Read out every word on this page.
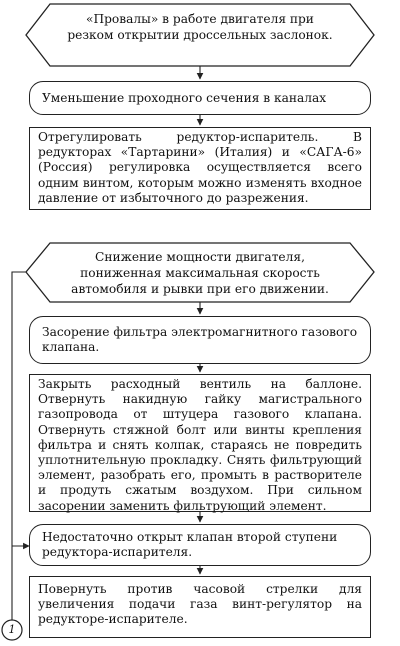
«Провалы» в работе двигателя при резком открытии дроссельных заслонок.
Уменьшение проходного сечения в каналах
Отрегулировать редуктор-испаритель. В редукторах «Тартарини» (Италия) и «САГА-6» (Россия) регулировка осуществляется всего одним винтом, которым можно изменять входное давление от избыточного до разрежения.
Снижение мощности двигателя, пониженная максимальная скорость автомобиля и рывки при его движении.
Засорение фильтра электромагнитного газового клапана.
Закрыть расходный вентиль на баллоне. Отвернуть накидную гайку магистрального газопровода от штуцера газового клапана. Отвернуть стяжной болт или винты крепления фильтра и снять колпак, стараясь не повредить уплотнительную прокладку. Снять фильтрующий элемент, разобрать его, промыть в растворителе и продуть сжатым воздухом. При сильном засорении заменить фильтрующий элемент.
Недостаточно открыт клапан второй ступени редуктора-испарителя.
Повернуть против часовой стрелки для увеличения подачи газа винт-регулятор на редукторе-испарителе.
1
